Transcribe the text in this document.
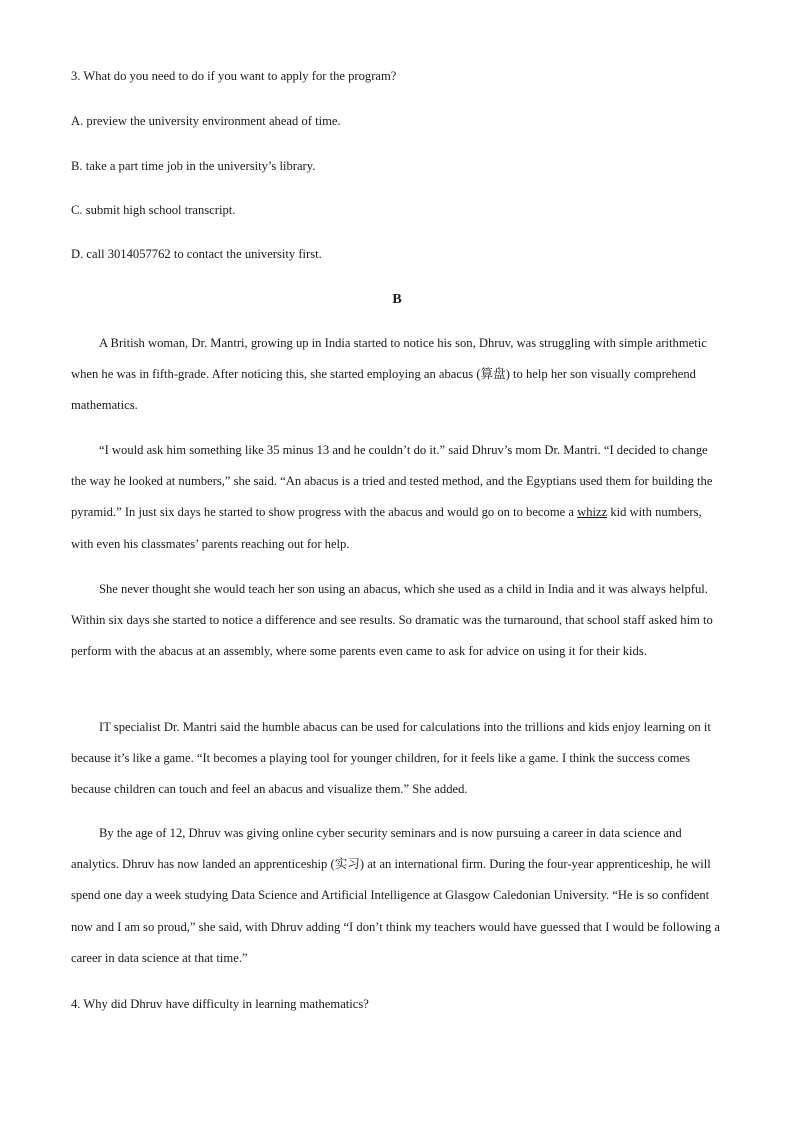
3. What do you need to do if you want to apply for the program?
A. preview the university environment ahead of time.
B. take a part time job in the university’s library.
C. submit high school transcript.
D. call 3014057762 to contact the university first.
B
A British woman, Dr. Mantri, growing up in India started to notice his son, Dhruv, was struggling with simple arithmetic when he was in fifth-grade. After noticing this, she started employing an abacus (算盘) to help her son visually comprehend mathematics.
“I would ask him something like 35 minus 13 and he couldn’t do it.” said Dhruv’s mom Dr. Mantri. “I decided to change the way he looked at numbers,” she said. “An abacus is a tried and tested method, and the Egyptians used them for building the pyramid.” In just six days he started to show progress with the abacus and would go on to become a whizz kid with numbers, with even his classmates’ parents reaching out for help.
She never thought she would teach her son using an abacus, which she used as a child in India and it was always helpful. Within six days she started to notice a difference and see results. So dramatic was the turnaround, that school staff asked him to perform with the abacus at an assembly, where some parents even came to ask for advice on using it for their kids.
IT specialist Dr. Mantri said the humble abacus can be used for calculations into the trillions and kids enjoy learning on it because it’s like a game. “It becomes a playing tool for younger children, for it feels like a game. I think the success comes because children can touch and feel an abacus and visualize them.” She added.
By the age of 12, Dhruv was giving online cyber security seminars and is now pursuing a career in data science and analytics. Dhruv has now landed an apprenticeship (实习) at an international firm. During the four-year apprenticeship, he will spend one day a week studying Data Science and Artificial Intelligence at Glasgow Caledonian University. “He is so confident now and I am so proud,” she said, with Dhruv adding “I don’t think my teachers would have guessed that I would be following a career in data science at that time.”
4. Why did Dhruv have difficulty in learning mathematics?
